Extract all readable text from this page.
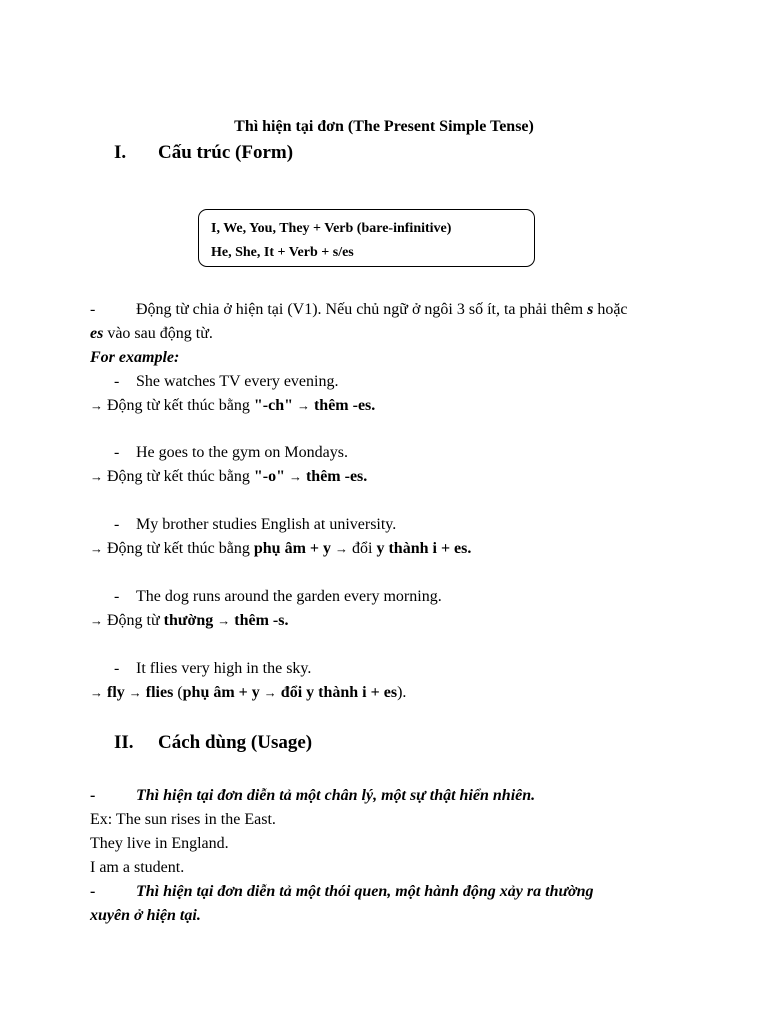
Thì hiện tại đơn (The Present Simple Tense)
I. Cấu trúc (Form)
I, We, You, They + Verb (bare-infinitive)
He, She, It + Verb + s/es
-	Động từ chia ở hiện tại (V1). Nếu chủ ngữ ở ngôi 3 số ít, ta phải thêm s hoặc
es vào sau động từ.
For example:
- She watches TV every evening.
→ Động từ kết thúc bằng "-ch" → thêm -es.
- He goes to the gym on Mondays.
→ Động từ kết thúc bằng "-o" → thêm -es.
- My brother studies English at university.
→ Động từ kết thúc bằng phụ âm + y → đổi y thành i + es.
- The dog runs around the garden every morning.
→ Động từ thường → thêm -s.
- It flies very high in the sky.
→ fly → flies (phụ âm + y → đổi y thành i + es).
II. Cách dùng (Usage)
-	Thì hiện tại đơn diễn tả một chân lý, một sự thật hiển nhiên.
Ex: The sun rises in the East.
They live in England.
I am a student.
-	Thì hiện tại đơn diễn tả một thói quen, một hành động xảy ra thường
xuyên ở hiện tại.
